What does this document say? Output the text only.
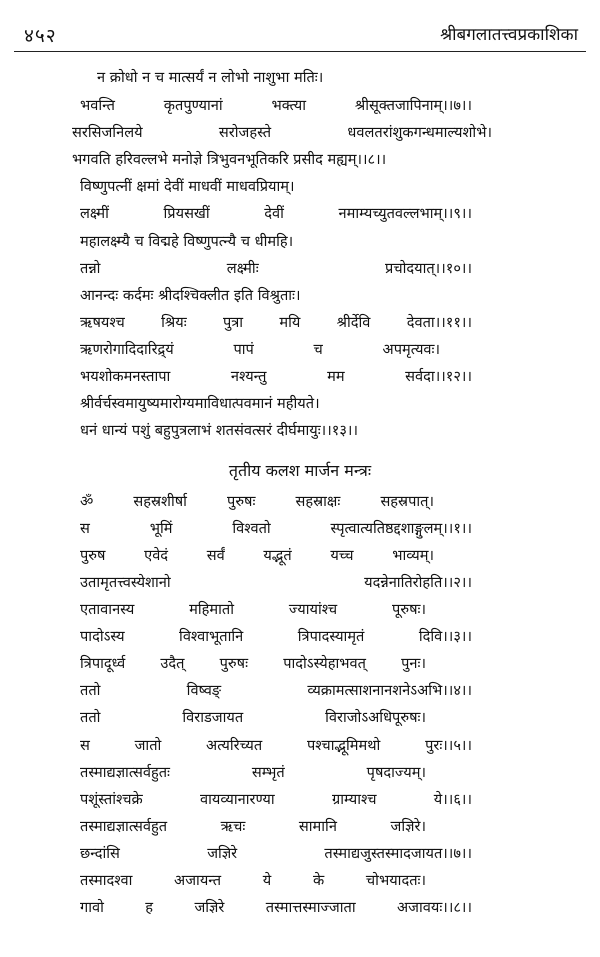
४५२	श्रीबगलातत्त्वप्रकाशिका
न क्रोधो न च मात्सर्यं न लोभो नाशुभा मतिः।
भवन्ति कृतपुण्यानां भक्त्या श्रीसूक्तजापिनाम्।।७।।
सरसिजनिलये सरोजहस्ते धवलतरांशुकगन्धमाल्यशोभे।
भगवति हरिवल्लभे मनोज्ञे त्रिभुवनभूतिकरि प्रसीद मह्यम्।।८।।
विष्णुपत्नीं क्षमां देवीं माधवीं माधवप्रियाम्।
लक्ष्मीं प्रियसखीं देवीं नमाम्यच्युतवल्लभाम्।।९।।
महालक्ष्म्यै च विद्महे विष्णुपत्न्यै च धीमहि।
तन्नो लक्ष्मीः प्रचोदयात्।।१०।।
आनन्दः कर्दमः श्रीदश्चिक्लीत इति विश्रुताः।
ऋषयश्च श्रियः पुत्रा मयि श्रीर्देवि देवता।।११।।
ऋणरोगादिदारिद्र्यं पापं च अपमृत्यवः।
भयशोकमनस्तापा नश्यन्तु मम सर्वदा।।१२।।
श्रीर्वर्चस्वमायुष्यमारोग्यमाविधात्पवमानं महीयते।
धनं धान्यं पशुं बहुपुत्रलाभं शतसंवत्सरं दीर्घमायुः।।१३।।
तृतीय कलश मार्जन मन्त्रः
ॐ सहस्रशीर्षा पुरुषः सहस्राक्षः सहस्रपात्।
स भूमिं विश्वतो स्पृत्वात्यतिष्ठद्दशाङ्गुलम्।।१।।
पुरुष एवेदं सर्वं यद्भूतं यच्च भाव्यम्।
उतामृतत्त्वस्येशानो यदन्नेनातिरोहति।।२।।
एतावानस्य महिमातो ज्यायांश्च पूरुषः।
पादोऽस्य विश्वाभूतानि त्रिपादस्यामृतं दिवि।।३।।
त्रिपादूर्ध्व उदैत् पुरुषः पादोऽस्येहाभवत् पुनः।
ततो विष्वङ् व्यक्रामत्साशनानशनेऽअभि।।४।।
ततो विराडजायत विराजोऽअधिपूरुषः।
स जातो अत्यरिच्यत पश्चाद्भूमिमथो पुरः।।५।।
तस्माद्यज्ञात्सर्वहुतः सम्भृतं पृषदाज्यम्।
पशूंस्तांश्चक्रे वायव्यानारण्या ग्राम्याश्च ये।।६।।
तस्माद्यज्ञात्सर्वहुत ऋचः सामानि जज्ञिरे।
छन्दांसि जज्ञिरे तस्माद्यजुस्तस्मादजायत।।७।।
तस्मादश्वा अजायन्त ये के चोभयादतः।
गावो ह जज्ञिरे तस्मात्तस्माज्जाता अजावयः।।८।।
